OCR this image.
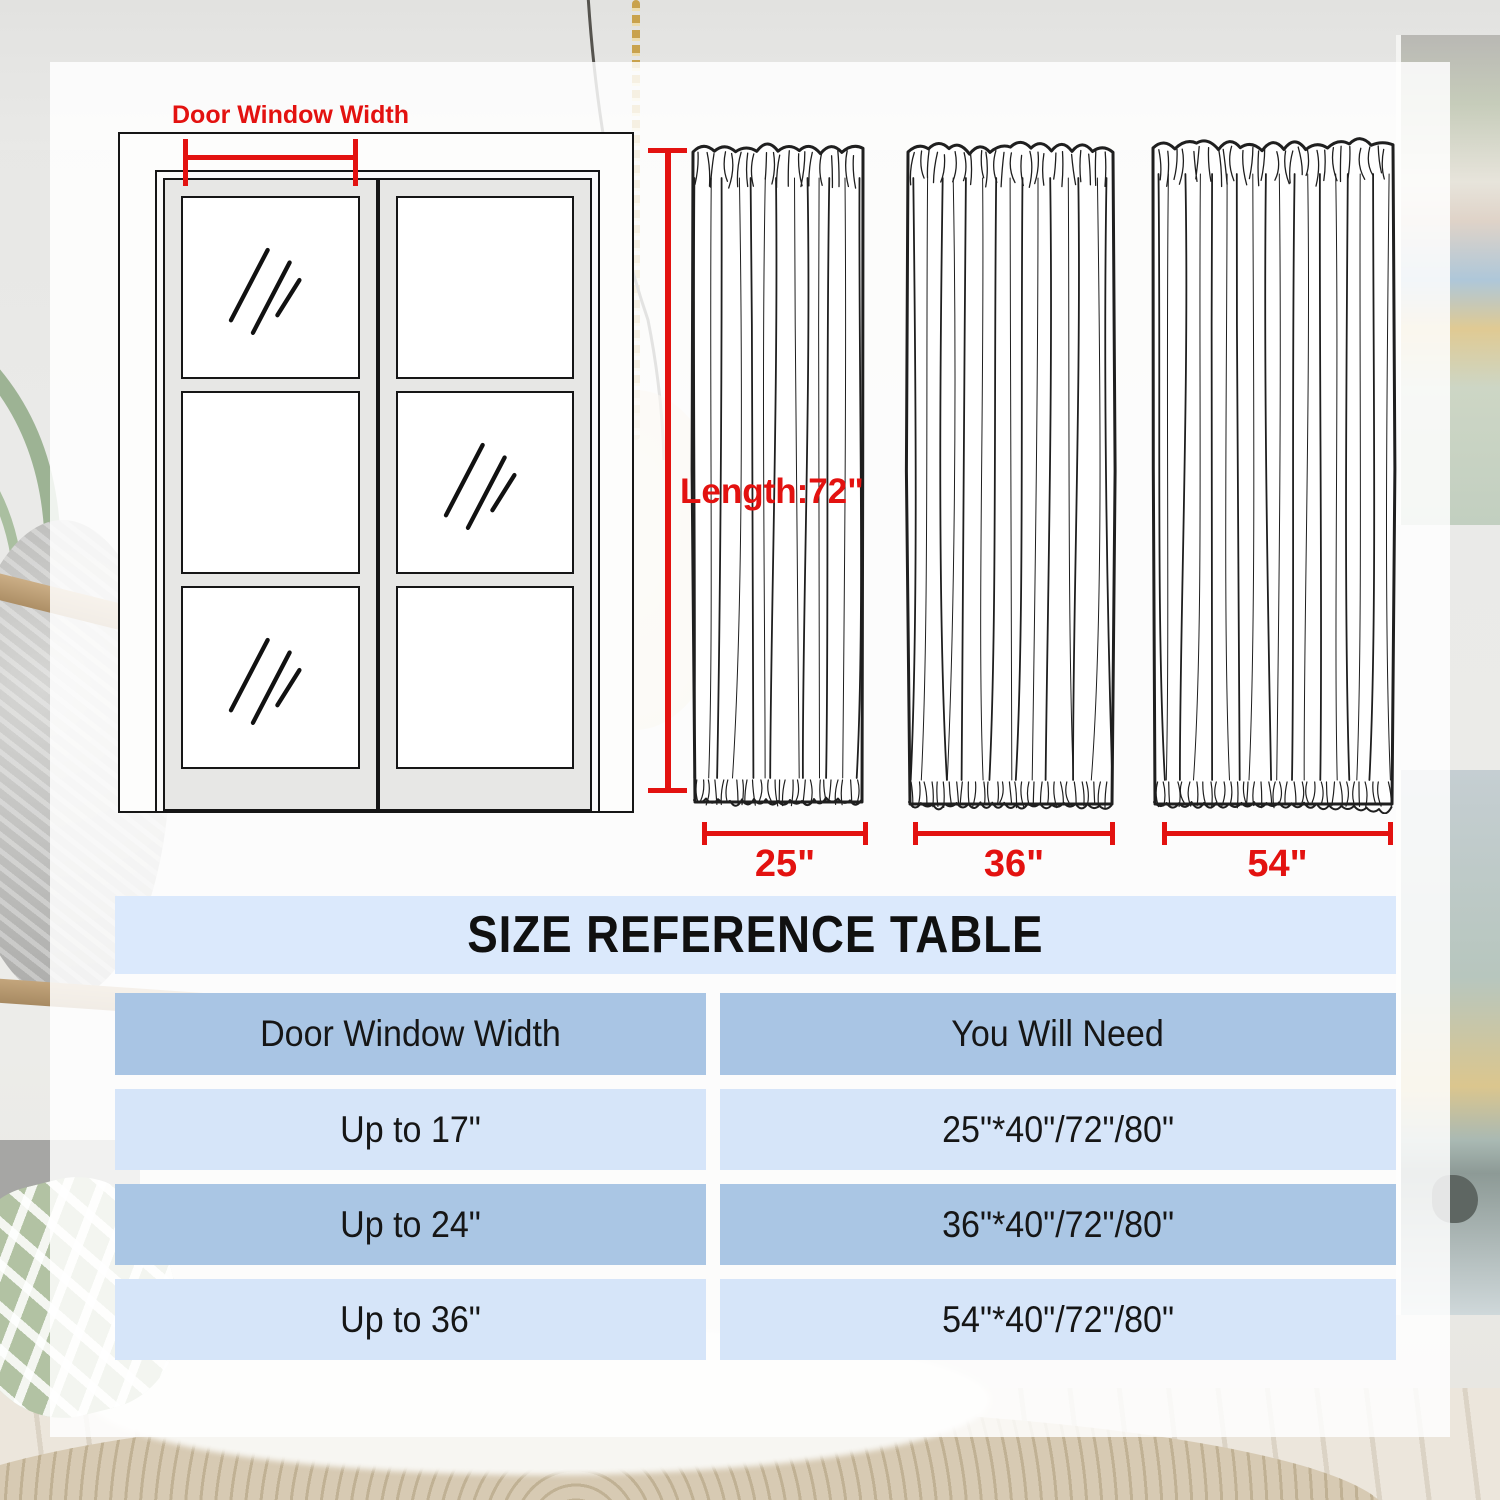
Door Window Width
Length:72"
25"	36"	54"
SIZE REFERENCE TABLE
Door Window Width	You Will Need
Up to 17"	25"*40"/72"/80"
Up to 24"	36"*40"/72"/80"
Up to 36"	54"*40"/72"/80"
